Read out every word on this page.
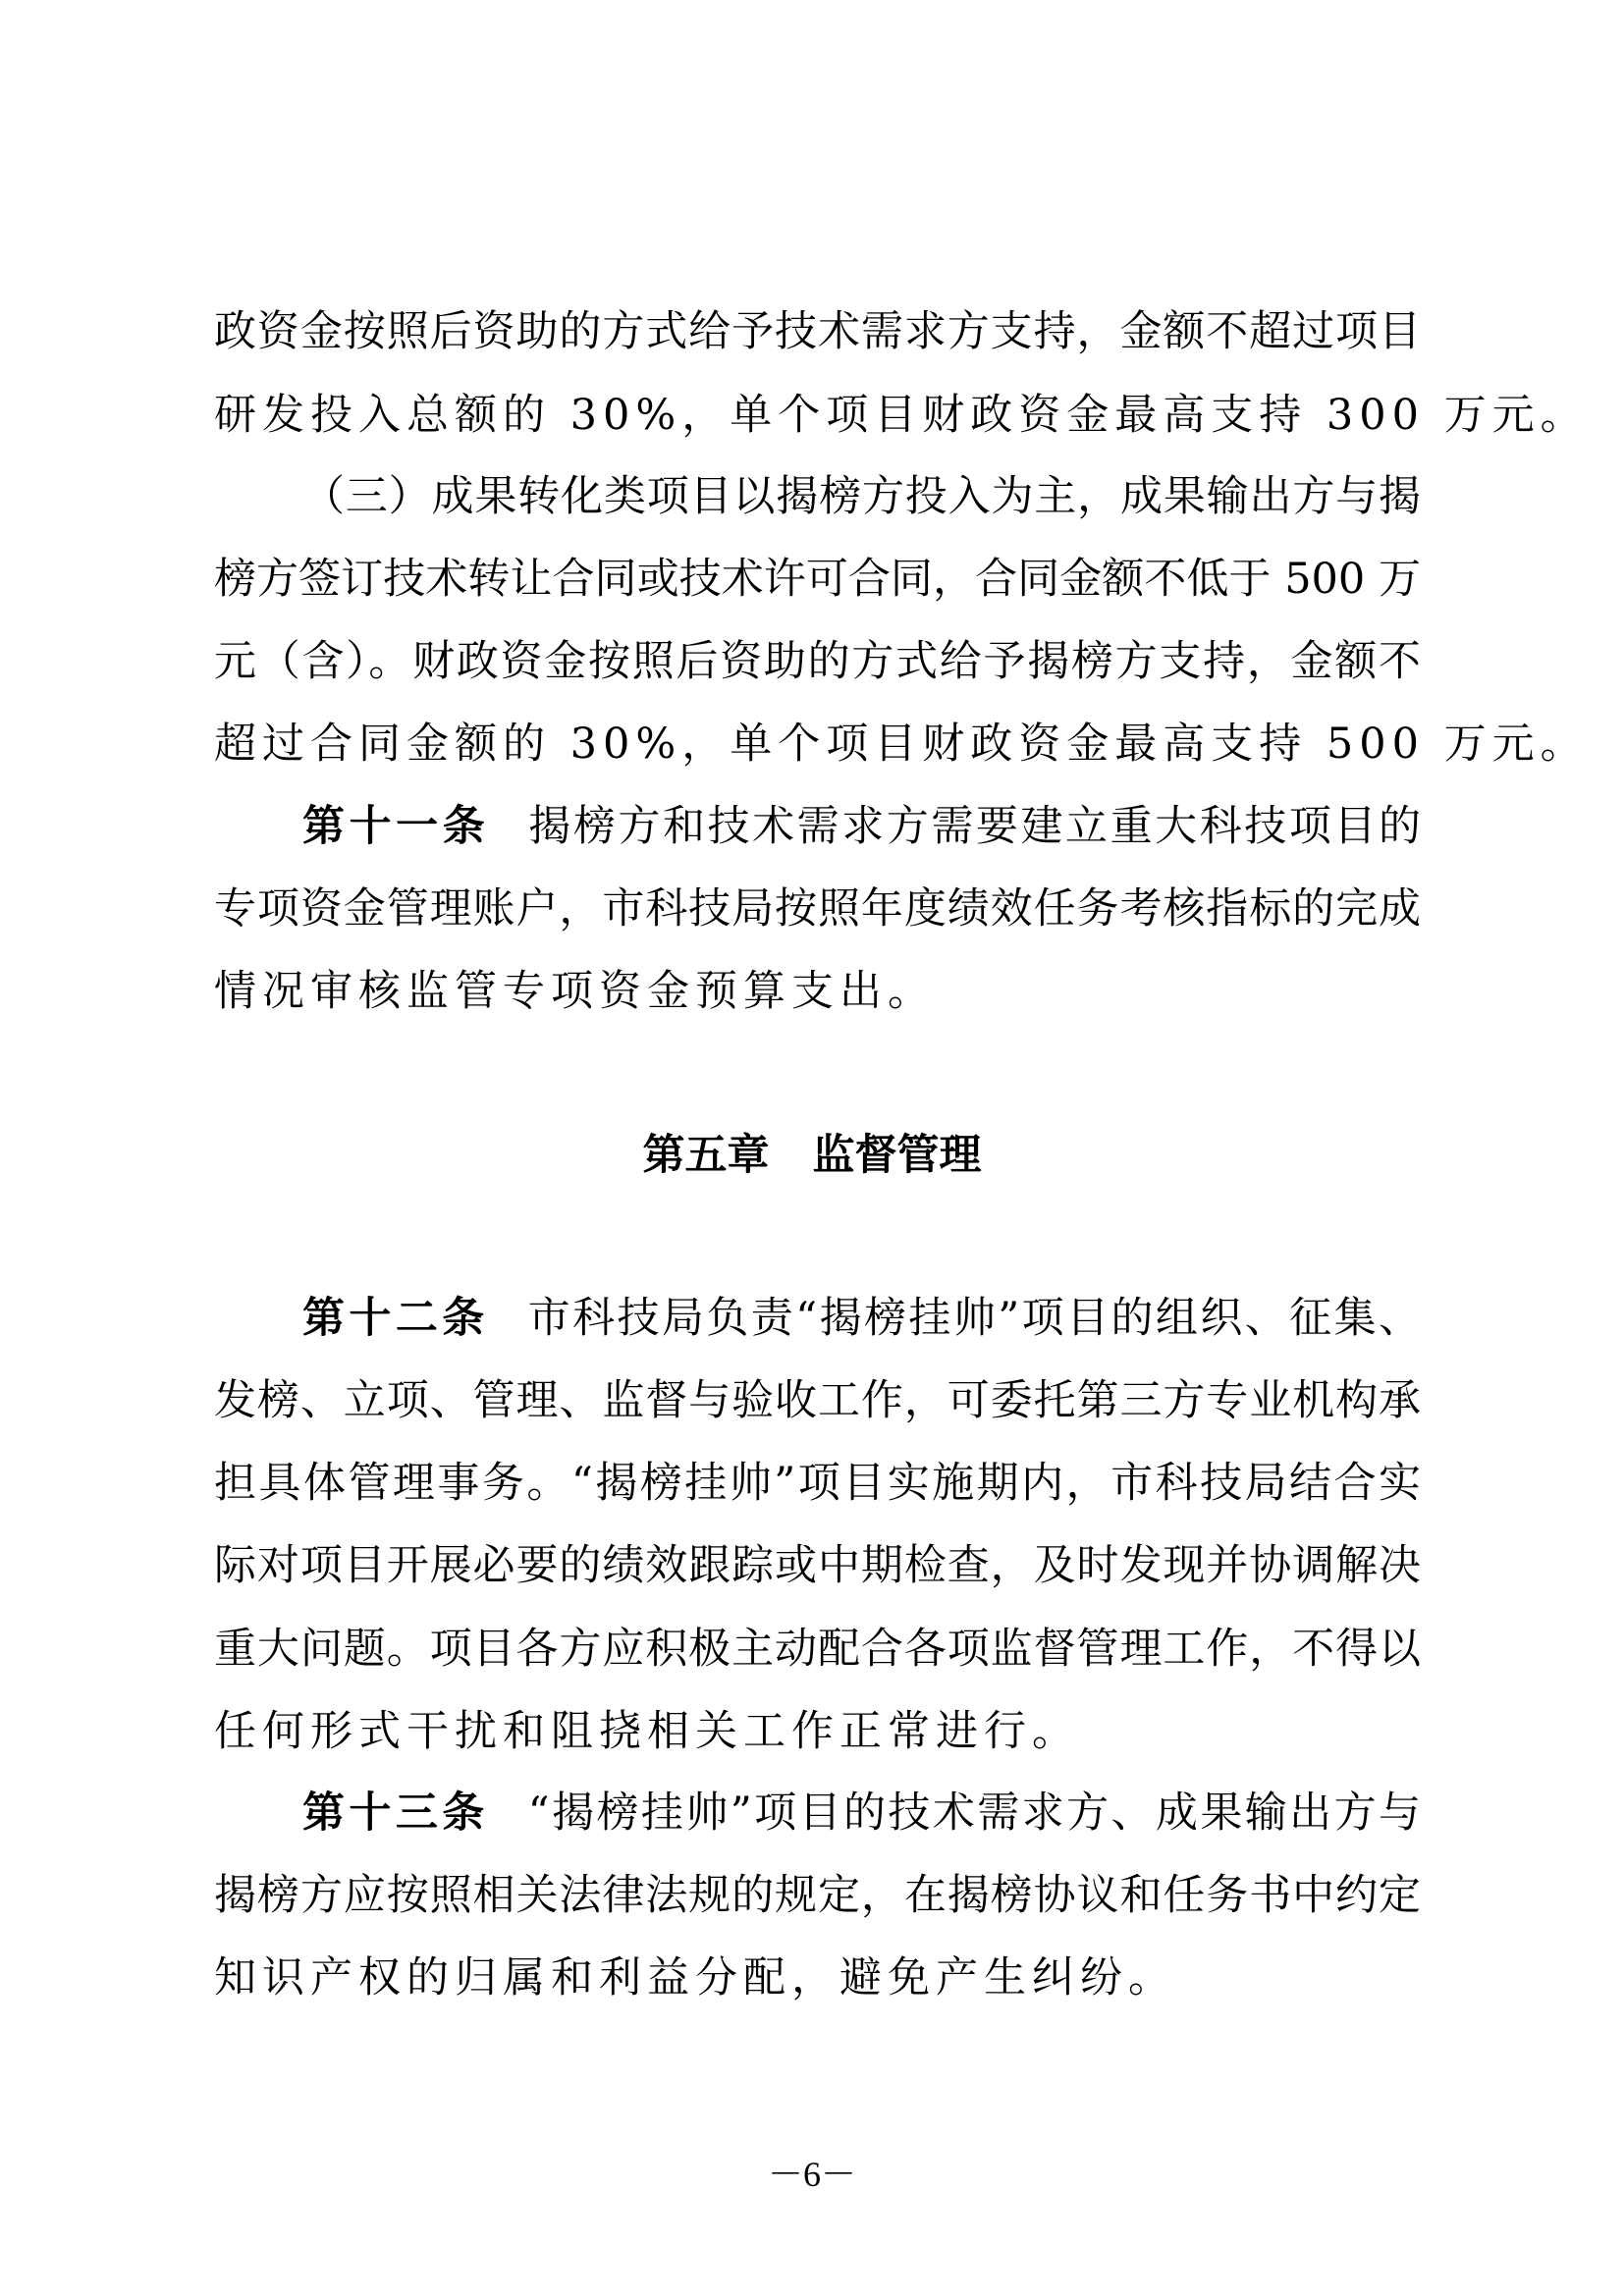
政资金按照后资助的方式给予技术需求方支持，金额不超过项目
研发投入总额的 30%，单个项目财政资金最高支持 300 万元。
（三）成果转化类项目以揭榜方投入为主，成果输出方与揭
榜方签订技术转让合同或技术许可合同，合同金额不低于 500 万
元（含）。财政资金按照后资助的方式给予揭榜方支持，金额不
超过合同金额的 30%，单个项目财政资金最高支持 500 万元。
第十一条 揭榜方和技术需求方需要建立重大科技项目的
专项资金管理账户，市科技局按照年度绩效任务考核指标的完成
情况审核监管专项资金预算支出。
第五章 监督管理
第十二条 市科技局负责“揭榜挂帅”项目的组织、征集、
发榜、立项、管理、监督与验收工作，可委托第三方专业机构承
担具体管理事务。“揭榜挂帅”项目实施期内，市科技局结合实
际对项目开展必要的绩效跟踪或中期检查，及时发现并协调解决
重大问题。项目各方应积极主动配合各项监督管理工作，不得以
任何形式干扰和阻挠相关工作正常进行。
第十三条 “揭榜挂帅”项目的技术需求方、成果输出方与
揭榜方应按照相关法律法规的规定，在揭榜协议和任务书中约定
知识产权的归属和利益分配，避免产生纠纷。
－6－
